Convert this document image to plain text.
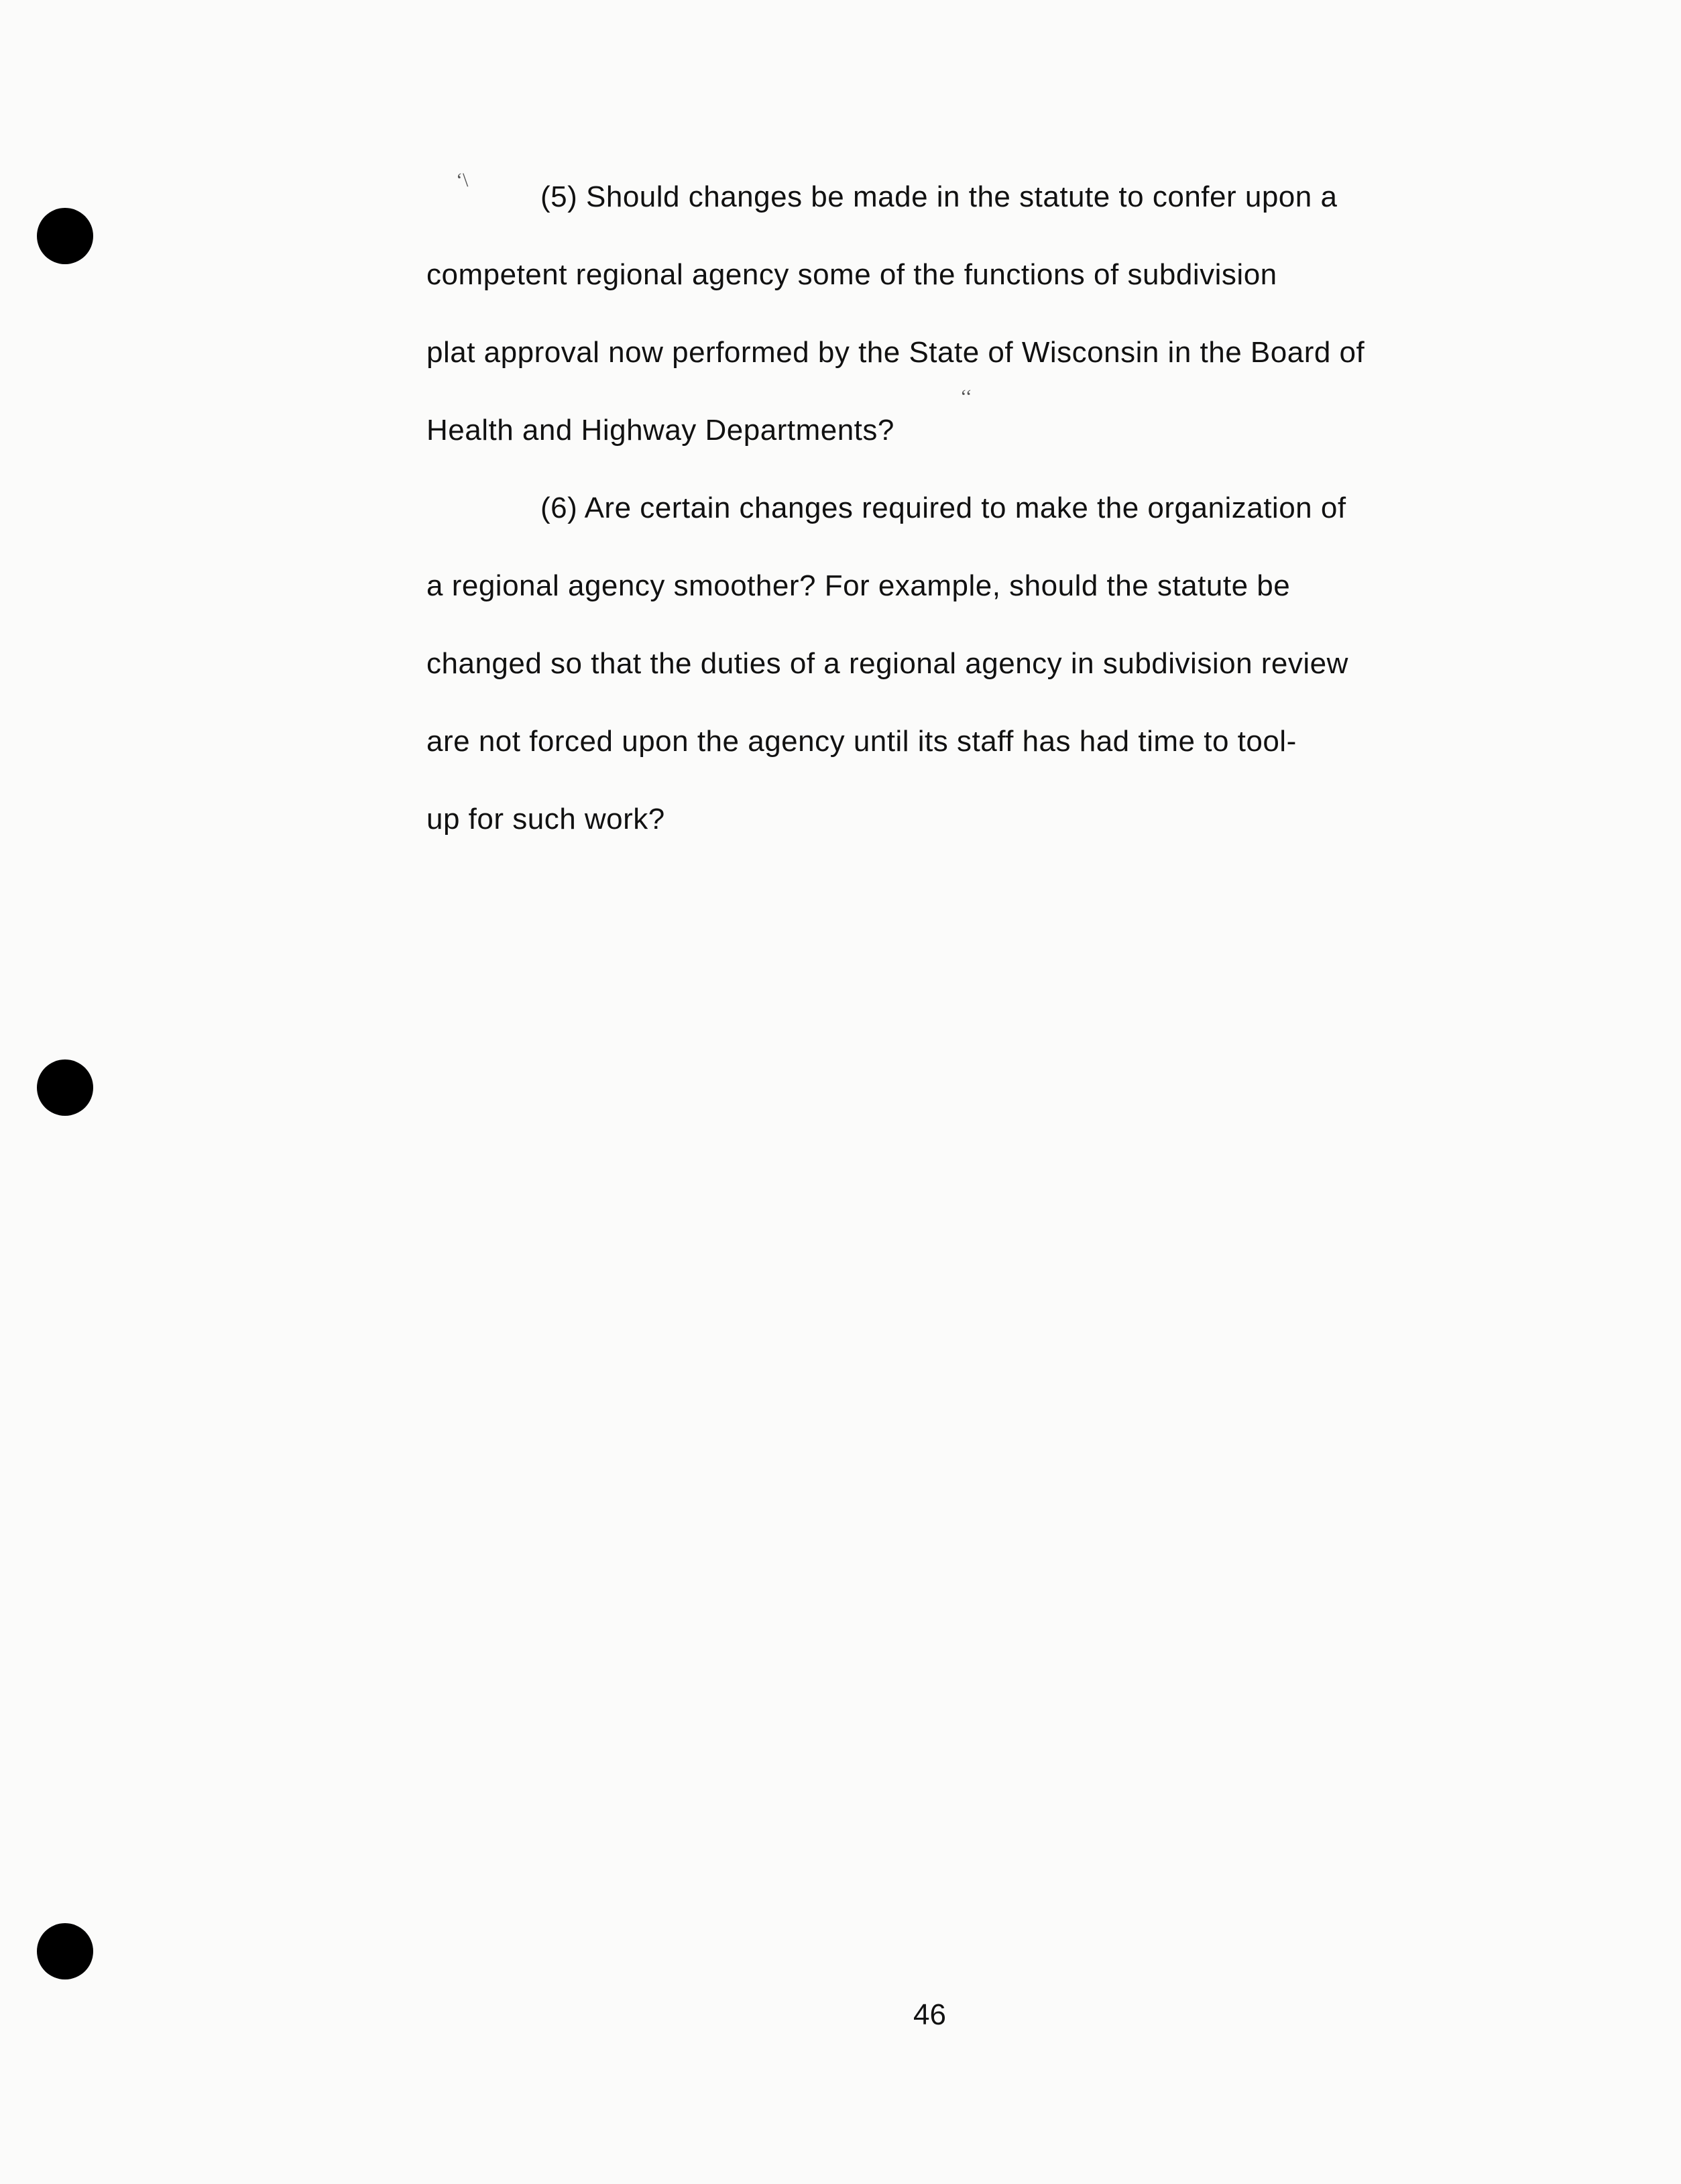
‘\
‘‘
(5) Should changes be made in the statute to confer upon a
competent regional agency some of the functions of subdivision
plat approval now performed by the State of Wisconsin in the Board of
Health and Highway Departments?
(6) Are certain changes required to make the organization of
a regional agency smoother? For example, should the statute be
changed so that the duties of a regional agency in subdivision review
are not forced upon the agency until its staff has had time to tool-
up for such work?
46
